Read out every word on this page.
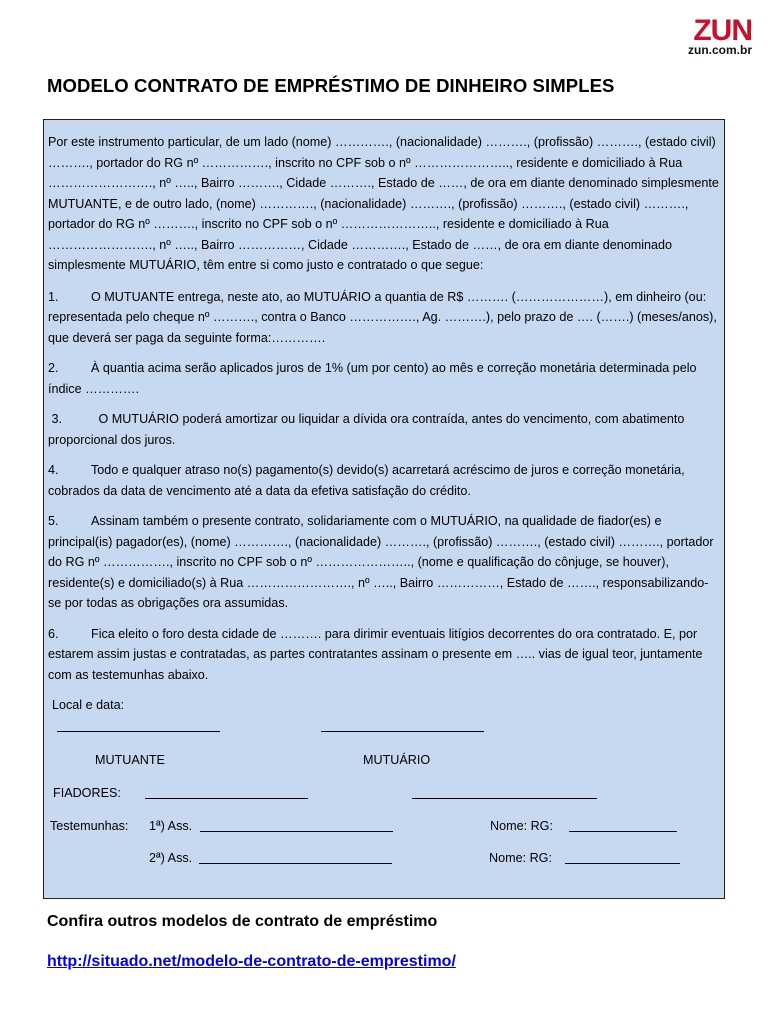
ZUN
zun.com.br
MODELO CONTRATO DE EMPRÉSTIMO DE DINHEIRO SIMPLES

Por este instrumento particular, de um lado (nome) …………., (nacionalidade) ………., (profissão) ………., (estado civil) ………., portador do RG nº ……………., inscrito no CPF sob o nº ………………….., residente e domiciliado à Rua ……………………., nº ….., Bairro ………., Cidade ………., Estado de ……, de ora em diante denominado simplesmente MUTUANTE, e de outro lado, (nome) …………., (nacionalidade) ………., (profissão) ………., (estado civil) ………., portador do RG nº ………., inscrito no CPF sob o nº ………………….., residente e domiciliado à Rua ……………………., nº ….., Bairro ……………, Cidade …………., Estado de ……, de ora em diante denominado simplesmente MUTUÁRIO, têm entre si como justo e contratado o que segue:

1.	O MUTUANTE entrega, neste ato, ao MUTUÁRIO a quantia de R$ ………. (…………………), em dinheiro (ou: representada pelo cheque nº ………., contra o Banco ……………., Ag. ……….), pelo prazo de …. (…….) (meses/anos), que deverá ser paga da seguinte forma:………….

2.	À quantia acima serão aplicados juros de 1% (um por cento) ao mês e correção monetária determinada pelo índice ………….

3.	O MUTUÁRIO poderá amortizar ou liquidar a dívida ora contraída, antes do vencimento, com abatimento proporcional dos juros.

4.	Todo e qualquer atraso no(s) pagamento(s) devido(s) acarretará acréscimo de juros e correção monetária, cobrados da data de vencimento até a data da efetiva satisfação do crédito.

5.	Assinam também o presente contrato, solidariamente com o MUTUÁRIO, na qualidade de fiador(es) e principal(is) pagador(es), (nome) …………., (nacionalidade) ………., (profissão) ………., (estado civil) ………., portador do RG nº ……………., inscrito no CPF sob o nº ………………….., (nome e qualificação do cônjuge, se houver), residente(s) e domiciliado(s) à Rua ……………………., nº ….., Bairro ……………, Estado de ……., responsabilizando-se por todas as obrigações ora assumidas.

6.	Fica eleito o foro desta cidade de ………. para dirimir eventuais litígios decorrentes do ora contratado. E, por estarem assim justas e contratadas, as partes contratantes assinam o presente em ….. vias de igual teor, juntamente com as testemunhas abaixo.

Local e data:
MUTUANTE	MUTUÁRIO
FIADORES:
Testemunhas: 1ª) Ass.	Nome: RG:
2ª) Ass.	Nome: RG:

Confira outros modelos de contrato de empréstimo

http://situado.net/modelo-de-contrato-de-emprestimo/
